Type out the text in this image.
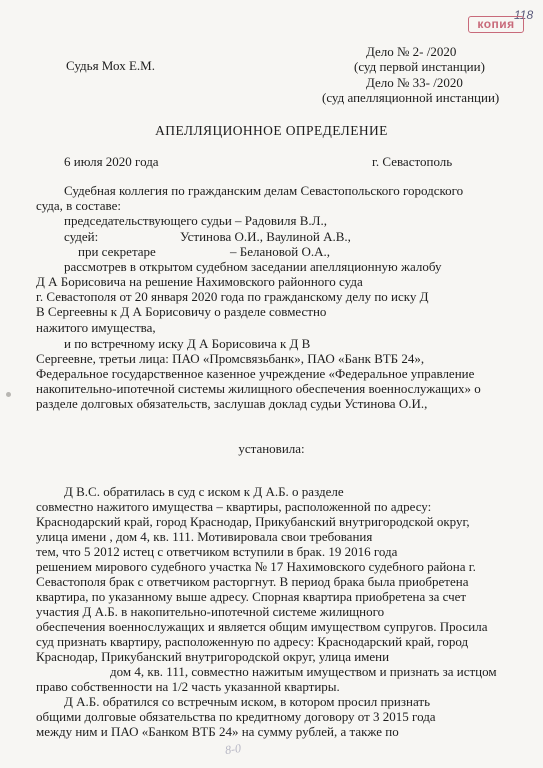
118
копия
Судья Мох Е.М.
Дело № 2- /2020
(суд первой инстанции)
Дело № 33- /2020
(суд апелляционной инстанции)
АПЕЛЛЯЦИОННОЕ ОПРЕДЕЛЕНИЕ
6 июля 2020 года	г. Севастополь
Судебная коллегия по гражданским делам Севастопольского городского
суда, в составе:
председательствующего судьи – Радовиля В.Л.,
судей:	Устинова О.И., Ваулиной А.В.,
при секретаре	– Белановой О.А.,
рассмотрев в открытом судебном заседании апелляционную жалобу
Д А Борисовича на решение Нахимовского районного суда
г. Севастополя от 20 января 2020 года по гражданскому делу по иску Д
В Сергеевны к Д А Борисовичу о разделе совместно
нажитого имущества,
и по встречному иску Д А Борисовича к Д В
Сергеевне, третьи лица: ПАО «Промсвязьбанк», ПАО «Банк ВТБ 24»,
Федеральное государственное казенное учреждение «Федеральное управление
накопительно-ипотечной системы жилищного обеспечения военнослужащих» о
разделе долговых обязательств, заслушав доклад судьи Устинова О.И.,
установила:
Д В.С. обратилась в суд с иском к Д А.Б. о разделе
совместно нажитого имущества – квартиры, расположенной по адресу:
Краснодарский край, город Краснодар, Прикубанский внутригородской округ,
улица имени , дом 4, кв. 111. Мотивировала свои требования
тем, что 5 2012 истец с ответчиком вступили в брак. 19 2016 года
решением мирового судебного участка № 17 Нахимовского судебного района г.
Севастополя брак с ответчиком расторгнут. В период брака была приобретена
квартира, по указанному выше адресу. Спорная квартира приобретена за счет
участия Д А.Б. в накопительно-ипотечной системе жилищного
обеспечения военнослужащих и является общим имуществом супругов. Просила
суд признать квартиру, расположенную по адресу: Краснодарский край, город
Краснодар, Прикубанский внутригородской округ, улица имени
дом 4, кв. 111, совместно нажитым имуществом и признать за истцом
право собственности на 1/2 часть указанной квартиры.
Д А.Б. обратился со встречным иском, в котором просил признать
общими долговые обязательства по кредитному договору от 3 2015 года
между ним и ПАО «Банком ВТБ 24» на сумму рублей, а также по
8-0
